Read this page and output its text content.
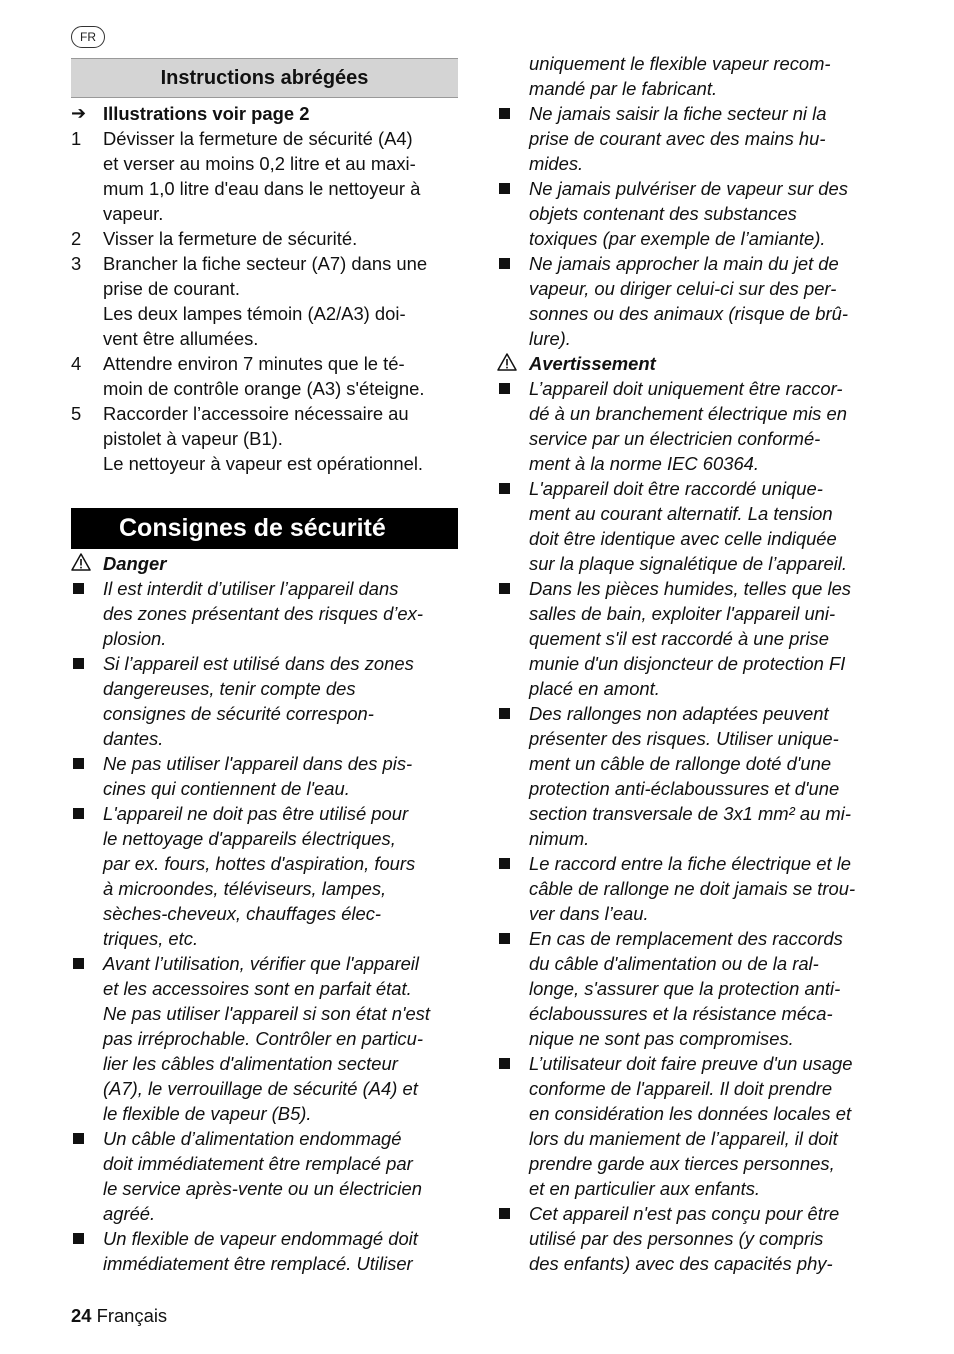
FR
Instructions abrégées
Consignes de sécurité
➔ Illustrations voir page 2
Dévisser la fermeture de sécurité (A4)
1
et verser au moins 0,2 litre et au maxi-
mum 1,0 litre d'eau dans le nettoyeur à
vapeur.
Visser la fermeture de sécurité.
2
Brancher la fiche secteur (A7) dans une
3
prise de courant.
Les deux lampes témoin (A2/A3) doi-
vent être allumées.
Attendre environ 7 minutes que le té-
4
moin de contrôle orange (A3) s'éteigne.
Raccorder l’accessoire nécessaire au
5
pistolet à vapeur (B1).
Le nettoyeur à vapeur est opérationnel.
Danger
Il est interdit d’utiliser l’appareil dans
des zones présentant des risques d’ex-
plosion.
Si l’appareil est utilisé dans des zones
dangereuses, tenir compte des
consignes de sécurité correspon-
dantes.
Ne pas utiliser l'appareil dans des pis-
cines qui contiennent de l'eau.
L'appareil ne doit pas être utilisé pour
le nettoyage d'appareils électriques,
par ex. fours, hottes d'aspiration, fours
à microondes, téléviseurs, lampes,
sèches-cheveux, chauffages élec-
triques, etc.
Avant l’utilisation, vérifier que l'appareil
et les accessoires sont en parfait état.
Ne pas utiliser l'appareil si son état n'est
pas irréprochable. Contrôler en particu-
lier les câbles d'alimentation secteur
(A7), le verrouillage de sécurité (A4) et
le flexible de vapeur (B5).
Un câble d’alimentation endommagé
doit immédiatement être remplacé par
le service après-vente ou un électricien
agréé.
Un flexible de vapeur endommagé doit
immédiatement être remplacé. Utiliser
uniquement le flexible vapeur recom-
mandé par le fabricant.
Ne jamais saisir la fiche secteur ni la
prise de courant avec des mains hu-
mides.
Ne jamais pulvériser de vapeur sur des
objets contenant des substances
toxiques (par exemple de l’amiante).
Ne jamais approcher la main du jet de
vapeur, ou diriger celui-ci sur des per-
sonnes ou des animaux (risque de brû-
lure).
Avertissement
L’appareil doit uniquement être raccor-
dé à un branchement électrique mis en
service par un électricien conformé-
ment à la norme IEC 60364.
L'appareil doit être raccordé unique-
ment au courant alternatif. La tension
doit être identique avec celle indiquée
sur la plaque signalétique de l’appareil.
Dans les pièces humides, telles que les
salles de bain, exploiter l'appareil uni-
quement s'il est raccordé à une prise
munie d'un disjoncteur de protection FI
placé en amont.
Des rallonges non adaptées peuvent
présenter des risques. Utiliser unique-
ment un câble de rallonge doté d'une
protection anti-éclaboussures et d'une
section transversale de 3x1 mm² au mi-
nimum.
Le raccord entre la fiche électrique et le
câble de rallonge ne doit jamais se trou-
ver dans l’eau.
En cas de remplacement des raccords
du câble d'alimentation ou de la ral-
longe, s'assurer que la protection anti-
éclaboussures et la résistance méca-
nique ne sont pas compromises.
L’utilisateur doit faire preuve d'un usage
conforme de l'appareil. Il doit prendre
en considération les données locales et
lors du maniement de l’appareil, il doit
prendre garde aux tierces personnes,
et en particulier aux enfants.
Cet appareil n'est pas conçu pour être
utilisé par des personnes (y compris
des enfants) avec des capacités phy-
24 Français
